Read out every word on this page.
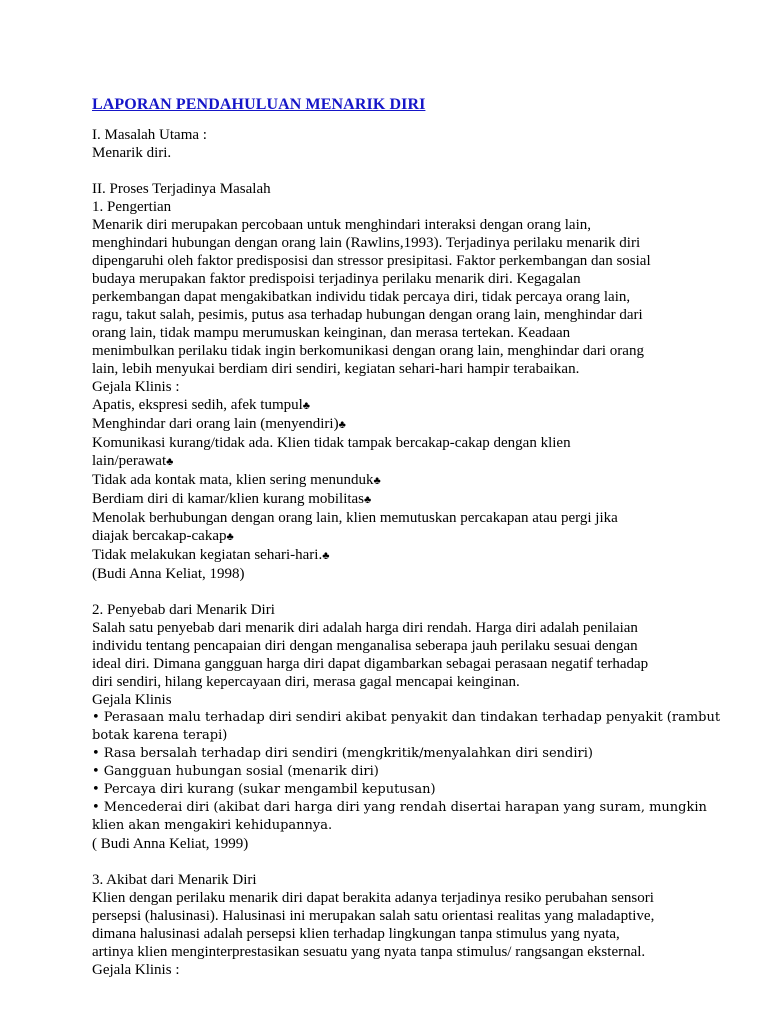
LAPORAN PENDAHULUAN MENARIK DIRI
I. Masalah Utama :
Menarik diri.
II. Proses Terjadinya Masalah
1. Pengertian
Menarik diri merupakan percobaan untuk menghindari interaksi dengan orang lain,
menghindari hubungan dengan orang lain (Rawlins,1993). Terjadinya perilaku menarik diri
dipengaruhi oleh faktor predisposisi dan stressor presipitasi. Faktor perkembangan dan sosial
budaya merupakan faktor predispoisi terjadinya perilaku menarik diri. Kegagalan
perkembangan dapat mengakibatkan individu tidak percaya diri, tidak percaya orang lain,
ragu, takut salah, pesimis, putus asa terhadap hubungan dengan orang lain, menghindar dari
orang lain, tidak mampu merumuskan keinginan, dan merasa tertekan. Keadaan
menimbulkan perilaku tidak ingin berkomunikasi dengan orang lain, menghindar dari orang
lain, lebih menyukai berdiam diri sendiri, kegiatan sehari-hari hampir terabaikan.
Gejala Klinis :
Apatis, ekspresi sedih, afek tumpul♣
Menghindar dari orang lain (menyendiri)♣
Komunikasi kurang/tidak ada. Klien tidak tampak bercakap-cakap dengan klien
lain/perawat♣
Tidak ada kontak mata, klien sering menunduk♣
Berdiam diri di kamar/klien kurang mobilitas♣
Menolak berhubungan dengan orang lain, klien memutuskan percakapan atau pergi jika
diajak bercakap-cakap♣
Tidak melakukan kegiatan sehari-hari.♣
(Budi Anna Keliat, 1998)
2. Penyebab dari Menarik Diri
Salah satu penyebab dari menarik diri adalah harga diri rendah. Harga diri adalah penilaian
individu tentang pencapaian diri dengan menganalisa seberapa jauh perilaku sesuai dengan
ideal diri. Dimana gangguan harga diri dapat digambarkan sebagai perasaan negatif terhadap
diri sendiri, hilang kepercayaan diri, merasa gagal mencapai keinginan.
Gejala Klinis
• Perasaan malu terhadap diri sendiri akibat penyakit dan tindakan terhadap penyakit (rambut
botak karena terapi)
• Rasa bersalah terhadap diri sendiri (mengkritik/menyalahkan diri sendiri)
• Gangguan hubungan sosial (menarik diri)
• Percaya diri kurang (sukar mengambil keputusan)
• Mencederai diri (akibat dari harga diri yang rendah disertai harapan yang suram, mungkin
klien akan mengakiri kehidupannya.
( Budi Anna Keliat, 1999)
3. Akibat dari Menarik Diri
Klien dengan perilaku menarik diri dapat berakita adanya terjadinya resiko perubahan sensori
persepsi (halusinasi). Halusinasi ini merupakan salah satu orientasi realitas yang maladaptive,
dimana halusinasi adalah persepsi klien terhadap lingkungan tanpa stimulus yang nyata,
artinya klien menginterprestasikan sesuatu yang nyata tanpa stimulus/ rangsangan eksternal.
Gejala Klinis :
